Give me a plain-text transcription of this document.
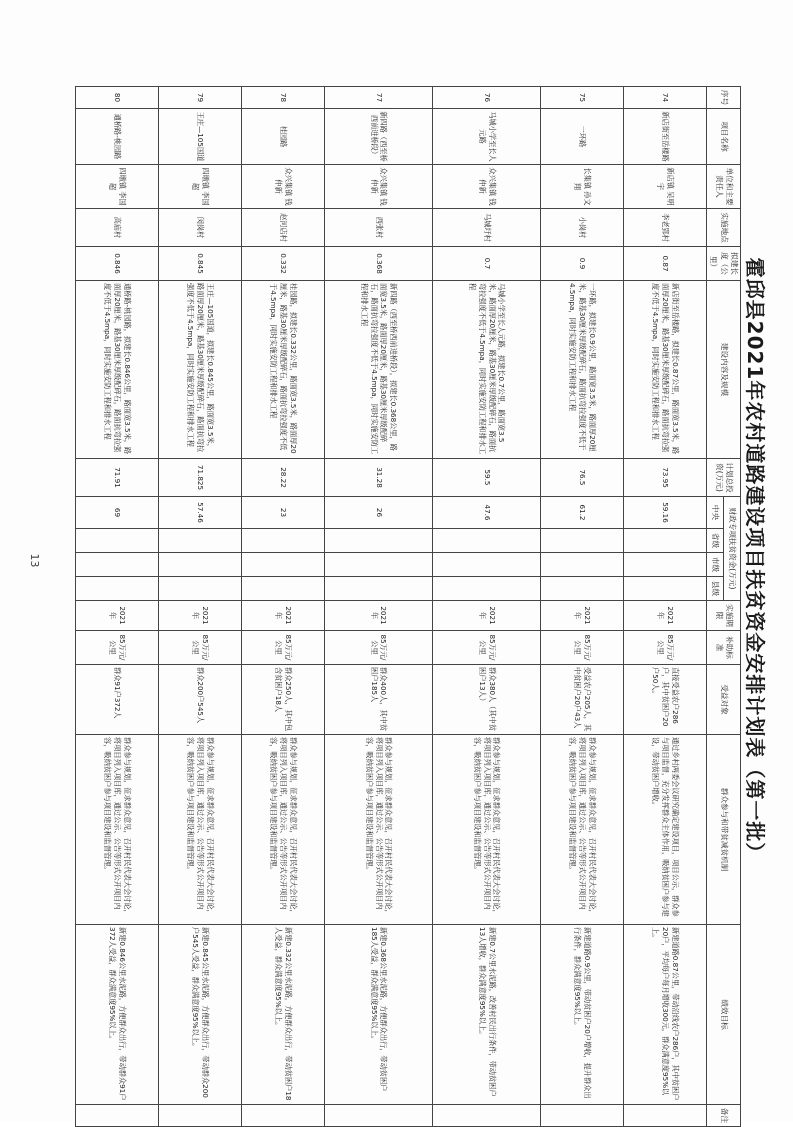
霍邱县2021年农村道路建设项目扶贫资金安排计划表（第一批）
序号	项目名称	单位和主要责任人	实施地点	拟建长度（公里）	建设内容及规模	计划总投资(万元)	财政专项扶贫资金(万元)				实施期限	补助标准	受益对象	群众参与和带贫减贫机制	绩效目标	备注
							中央	省级	市级	县级						
74	新店街至岳楼路	新店镇 吴明宇	李老郢村	0.87	新店街至岳楼路，拟建长0.87公里，路面宽3.5米，路面厚20厘米，路基30厘米厚级配碎石，路面抗弯拉强度不低于4.5mpa，同时实施安防工程和排水工程	73.95	59.16				2021年	85万元/公里	直接受益农户286户，其中贫困户20户50人。	通过乡村两委会议研究确定建设项目，项目公示，群众参与项目监督，充分发挥群众主体作用，吸纳贫困户参与建设，带动贫困户增收。	新建道路0.87公里，带动沿线农户286户，其中贫困户20户，平均每户每月增收300元，群众满意度95%以上。	
75	一环路	长集镇 孙文翔	小岗村	0.9	一环路，拟建长0.9公里，路面宽3.5米，路面厚20厘米，路基30厘米厚级配碎石，路面抗弯拉强度不低于4.5mpa，同时实施安防工程和排水工程	76.5	61.2				2021年	85万元/公里	受益农户205人，其中贫困户20户43人	群众参与规划，征求群众意见，召开村民代表大会讨论，将项目列入项目库，通过公示、公告等形式公开项目内容，吸纳贫困户参与项目建设和监督管理。	新建道路0.9公里，带动贫困户20户增收，提升群众出行条件，群众满意度95%以上。	
76	马城小学至长人元路	众兴集镇 钱仲新	马城圩村	0.7	马城小学至长人元路，拟建长0.7公里，路面宽3.5米，路面厚20厘米，路基30厘米厚级配碎石，路面抗弯拉强度不低于4.5mpa，同时实施安防工程和排水工程	59.5	47.6				2021年	85万元/公里	群众380人（其中贫困户13人）	群众参与规划，征求群众意见，召开村民代表大会讨论，将项目列入项目库，通过公示、公告等形式公开项目内容，吸纳贫困户参与项目建设和监督管理。	新建0.7公里水泥路，改善村民出行条件，带动贫困户13人增收，群众满意度95%以上。	
77	新四路（西至桥西前进桥段）	众兴集镇 钱仲新	西张村	0.368	新四路（西至桥西前进桥段），拟建长0.368公里，路面宽3.5米，路面厚20厘米，路基30厘米厚级配碎石，路面抗弯拉强度不低于4.5mpa，同时实施安防工程和排水工程	31.28	26				2021年	85万元/公里	群众400人，其中贫困户185人	群众参与规划，征求群众意见，召开村民代表大会讨论，将项目列入项目库，通过公示、公告等形式公开项目内容，吸纳贫困户参与项目建设和监督管理。	新建0.368公里水泥路，方便群众出行，带动贫困户185人受益，群众满意度95%以上。	
78	桂园路	众兴集镇 钱仲新	赵河店村	0.332	桂园路，拟建长0.332公里，路面宽3.5米，路面厚20厘米，路基30厘米厚级配碎石，路面抗弯拉强度不低于4.5mpa，同时实施安防工程和排水工程	28.22	23				2021年	85万元/公里	群众250人，其中包含贫困户18人	群众参与规划，征求群众意见，召开村民代表大会讨论，将项目列入项目库，通过公示、公告等形式公开项目内容，吸纳贫困户参与项目建设和监督管理。	新建0.332公里水泥路，方便群众出行，带动贫困户18人受益，群众满意度95%以上。	
79	王庄—105国道	四墩镇 李国超	闵岗村	0.845	王庄—105国道，拟建长0.845公里，路面宽3.5米，路面厚20厘米，路基30厘米厚级配碎石，路面抗弯拉强度不低于4.5mpa，同时实施安防工程和排水工程	71.825	57.46				2021年	85万元/公里	群众200户545人	群众参与规划，征求群众意见，召开村民代表大会讨论，将项目列入项目库，通过公示、公告等形式公开项目内容，吸纳贫困户参与项目建设和监督管理。	新建0.845公里水泥路，方便群众出行，带动群众200户545人受益，群众满意度95%以上。	
80	通桥路-桃园路	四墩镇 李国超	高庙村	0.846	通桥路-桃园路，拟建长0.846公里，路面宽3.5米，路面厚20厘米，路基30厘米厚级配碎石，路面抗弯拉强度不低于4.5mpa，同时实施安防工程和排水工程	71.91	69				2021年	85万元/公里	群众91户372人	群众参与规划，征求群众意见，召开村民代表大会讨论，将项目列入项目库，通过公示、公告等形式公开项目内容，吸纳贫困户参与项目建设和监督管理。	新建0.846公里水泥路，方便群众出行，带动群众91户372人受益，群众满意度95%以上。	
13
